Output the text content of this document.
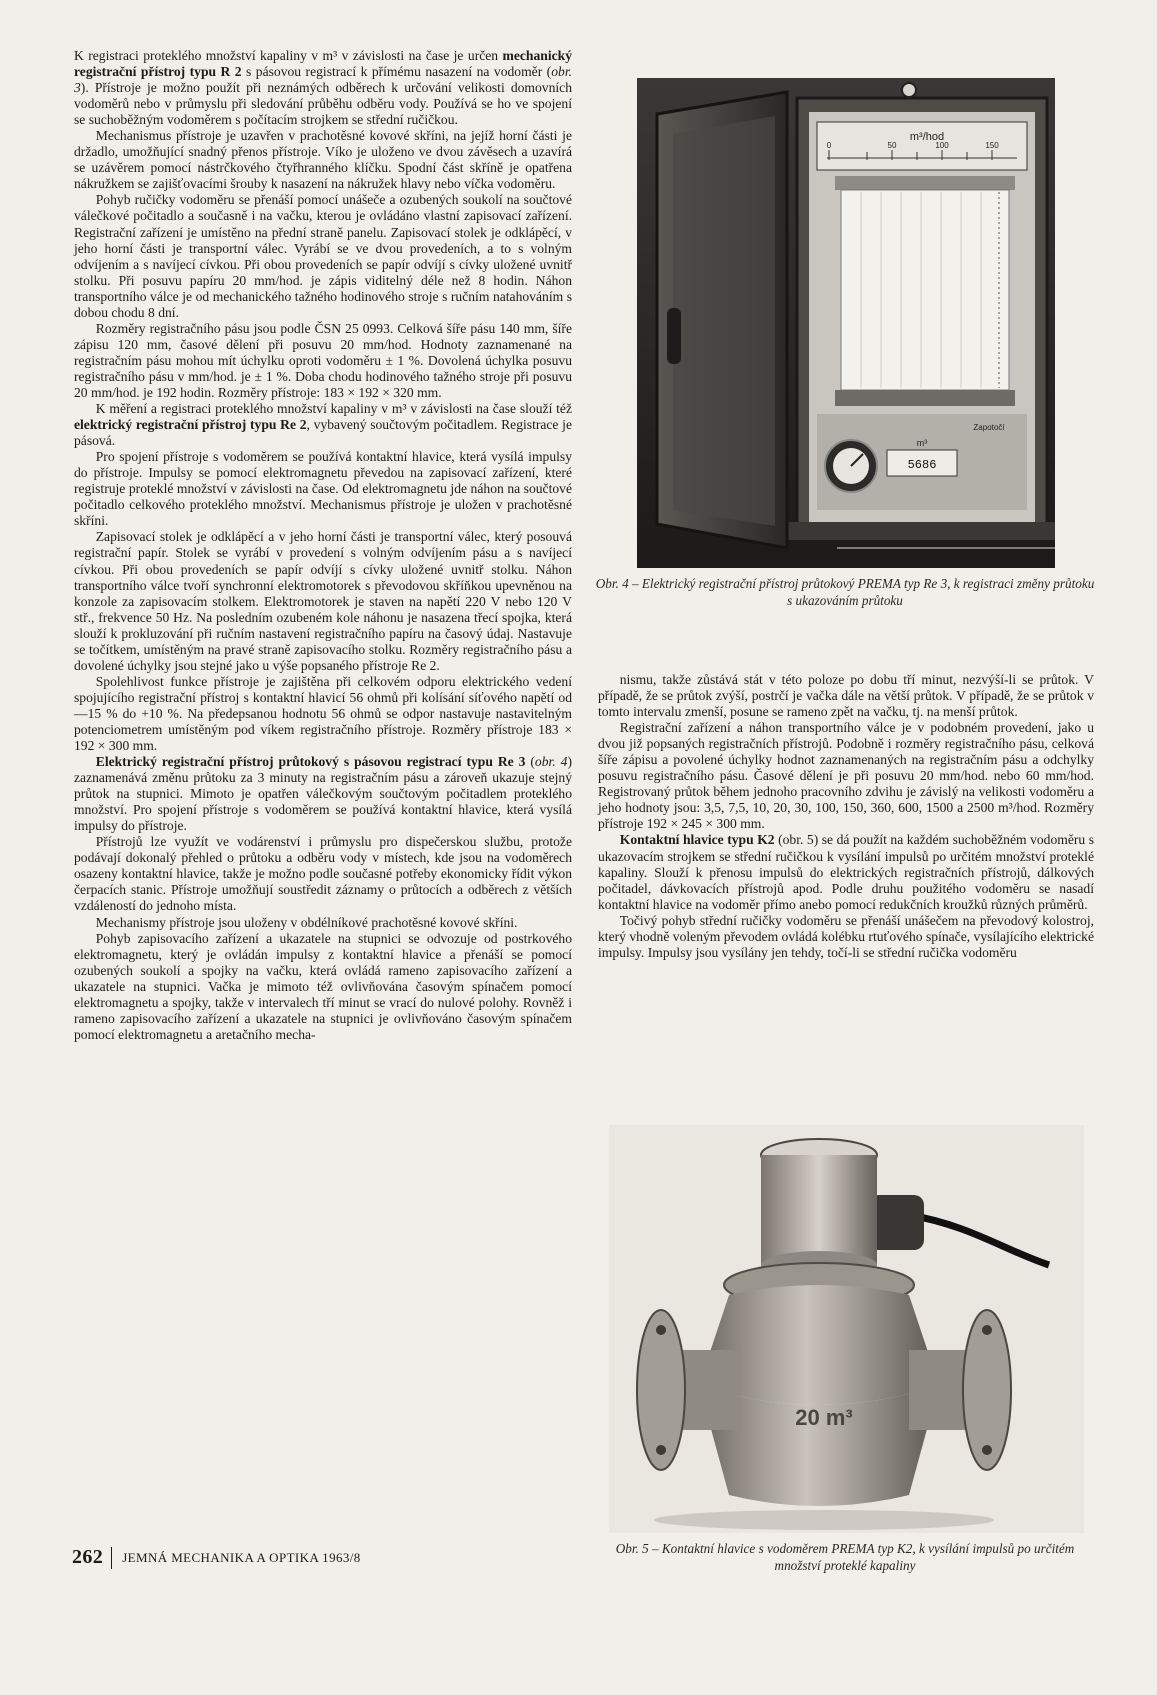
K registraci proteklého množství kapaliny v m³ v závislosti na čase je určen mechanický registrační přístroj typu R 2 s pásovou registrací k přímému nasazení na vodoměr (obr. 3). Přístroje je možno použít při neznámých odběrech k určování velikosti domovních vodoměrů nebo v průmyslu při sledování průběhu odběru vody. Používá se ho ve spojení se suchoběžným vodoměrem s počítacím strojkem se střední ručičkou.

Mechanismus přístroje je uzavřen v prachotěsné kovové skříni, na jejíž horní části je držadlo, umožňující snadný přenos přístroje. Víko je uloženo ve dvou závěsech a uzavírá se uzávěrem pomocí nástrčkového čtyřhranného klíčku. Spodní část skříně je opatřena nákružkem se zajišťovacími šrouby k nasazení na nákružek hlavy nebo víčka vodoměru.

Pohyb ručičky vodoměru se přenáší pomocí unášeče a ozubených soukolí na součtové válečkové počitadlo a současně i na vačku, kterou je ovládáno vlastní zapisovací zařízení. Registrační zařízení je umístěno na přední straně panelu. Zapisovací stolek je odklápěcí, v jeho horní části je transportní válec. Vyrábí se ve dvou provedeních, a to s volným odvíjením a s navíjecí cívkou. Při obou provedeních se papír odvíjí s cívky uložené uvnitř stolku. Při posuvu papíru 20 mm/hod. je zápis viditelný déle než 8 hodin. Náhon transportního válce je od mechanického tažného hodinového stroje s ručním natahováním s dobou chodu 8 dní.

Rozměry registračního pásu jsou podle ČSN 25 0993. Celková šíře pásu 140 mm, šíře zápisu 120 mm, časové dělení při posuvu 20 mm/hod. Hodnoty zaznamenané na registračním pásu mohou mít úchylku oproti vodoměru ± 1 %. Dovolená úchylka posuvu registračního pásu v mm/hod. je ± 1 %. Doba chodu hodinového tažného stroje při posuvu 20 mm/hod. je 192 hodin. Rozměry přístroje: 183 × 192 × 320 mm.

K měření a registraci proteklého množství kapaliny v m³ v závislosti na čase slouží též elektrický registrační přístroj typu Re 2, vybavený součtovým počitadlem. Registrace je pásová.

Pro spojení přístroje s vodoměrem se používá kontaktní hlavice, která vysílá impulsy do přístroje. Impulsy se pomocí elektromagnetu převedou na zapisovací zařízení, které registruje proteklé množství v závislosti na čase. Od elektromagnetu jde náhon na součtové počitadlo celkového proteklého množství. Mechanismus přístroje je uložen v prachotěsné skříni.

Zapisovací stolek je odklápěcí a v jeho horní části je transportní válec, který posouvá registrační papír. Stolek se vyrábí v provedení s volným odvíjením pásu a s navíjecí cívkou. Při obou provedeních se papír odvíjí s cívky uložené uvnitř stolku. Náhon transportního válce tvoří synchronní elektromotorek s převodovou skříňkou upevněnou na konzole za zapisovacím stolkem. Elektromotorek je staven na napětí 220 V nebo 120 V stř., frekvence 50 Hz. Na posledním ozubeném kole náhonu je nasazena třecí spojka, která slouží k prokluzování při ručním nastavení registračního papíru na časový údaj. Nastavuje se točítkem, umístěným na pravé straně zapisovacího stolku. Rozměry registračního pásu a dovolené úchylky jsou stejné jako u výše popsaného přístroje Re 2.

Spolehlivost funkce přístroje je zajištěna při celkovém odporu elektrického vedení spojujícího registrační přístroj s kontaktní hlavicí 56 ohmů při kolísání síťového napětí od —15 % do +10 %. Na předepsanou hodnotu 56 ohmů se odpor nastavuje nastavitelným potenciometrem umístěným pod víkem registračního přístroje. Rozměry přístroje 183 × 192 × 300 mm.

Elektrický registrační přístroj průtokový s pásovou registrací typu Re 3 (obr. 4) zaznamenává změnu průtoku za 3 minuty na registračním pásu a zároveň ukazuje stejný průtok na stupnici. Mimoto je opatřen válečkovým součtovým počitadlem proteklého množství. Pro spojení přístroje s vodoměrem se používá kontaktní hlavice, která vysílá impulsy do přístroje.

Přístrojů lze využít ve vodárenství i průmyslu pro dispečerskou službu, protože podávají dokonalý přehled o průtoku a odběru vody v místech, kde jsou na vodoměrech osazeny kontaktní hlavice, takže je možno podle současné potřeby ekonomicky řídit výkon čerpacích stanic. Přístroje umožňují soustředit záznamy o průtocích a odběrech z větších vzdáleností do jednoho místa.

Mechanismy přístroje jsou uloženy v obdélníkové prachotěsné kovové skříni.

Pohyb zapisovacího zařízení a ukazatele na stupnici se odvozuje od postrkového elektromagnetu, který je ovládán impulsy z kontaktní hlavice a přenáší se pomocí ozubených soukolí a spojky na vačku, která ovládá rameno zapisovacího zařízení a ukazatele na stupnici. Vačka je mimoto též ovlivňována časovým spínačem pomocí elektromagnetu a spojky, takže v intervalech tří minut se vrací do nulové polohy. Rovněž i rameno zapisovacího zařízení a ukazatele na stupnici je ovlivňováno časovým spínačem pomocí elektromagnetu a aretačního mecha-

m³/hod
0	50	100	150
m³
5686
Zapotočí
Obr. 4 – Elektrický registrační přístroj průtokový PREMA typ Re 3, k registraci změny průtoku s ukazováním průtoku

nismu, takže zůstává stát v této poloze po dobu tří minut, nezvýší-li se průtok. V případě, že se průtok zvýší, postrčí je vačka dále na větší průtok. V případě, že se průtok v tomto intervalu zmenší, posune se rameno zpět na vačku, tj. na menší průtok.

Registrační zařízení a náhon transportního válce je v podobném provedení, jako u dvou již popsaných registračních přístrojů. Podobně i rozměry registračního pásu, celková šíře zápisu a povolené úchylky hodnot zaznamenaných na registračním pásu a odchylky posuvu registračního pásu. Časové dělení je při posuvu 20 mm/hod. nebo 60 mm/hod. Registrovaný průtok během jednoho pracovního zdvihu je závislý na velikosti vodoměru a jeho hodnoty jsou: 3,5, 7,5, 10, 20, 30, 100, 150, 360, 600, 1500 a 2500 m³/hod. Rozměry přístroje 192 × 245 × 300 mm.

Kontaktní hlavice typu K2 (obr. 5) se dá použít na každém suchoběžném vodoměru s ukazovacím strojkem se střední ručičkou k vysílání impulsů po určitém množství proteklé kapaliny. Slouží k přenosu impulsů do elektrických registračních přístrojů, dálkových počitadel, dávkovacích přístrojů apod. Podle druhu použitého vodoměru se nasadí kontaktní hlavice na vodoměr přímo anebo pomocí redukčních kroužků různých průměrů.

Točivý pohyb střední ručičky vodoměru se přenáší unášečem na převodový kolostroj, který vhodně voleným převodem ovládá kolébku rtuťového spínače, vysílajícího elektrické impulsy. Impulsy jsou vysílány jen tehdy, točí-li se střední ručička vodoměru

20 m³
Obr. 5 – Kontaktní hlavice s vodoměrem PREMA typ K2, k vysílání impulsů po určitém množství proteklé kapaliny
262 JEMNÁ MECHANIKA A OPTIKA 1963/8
